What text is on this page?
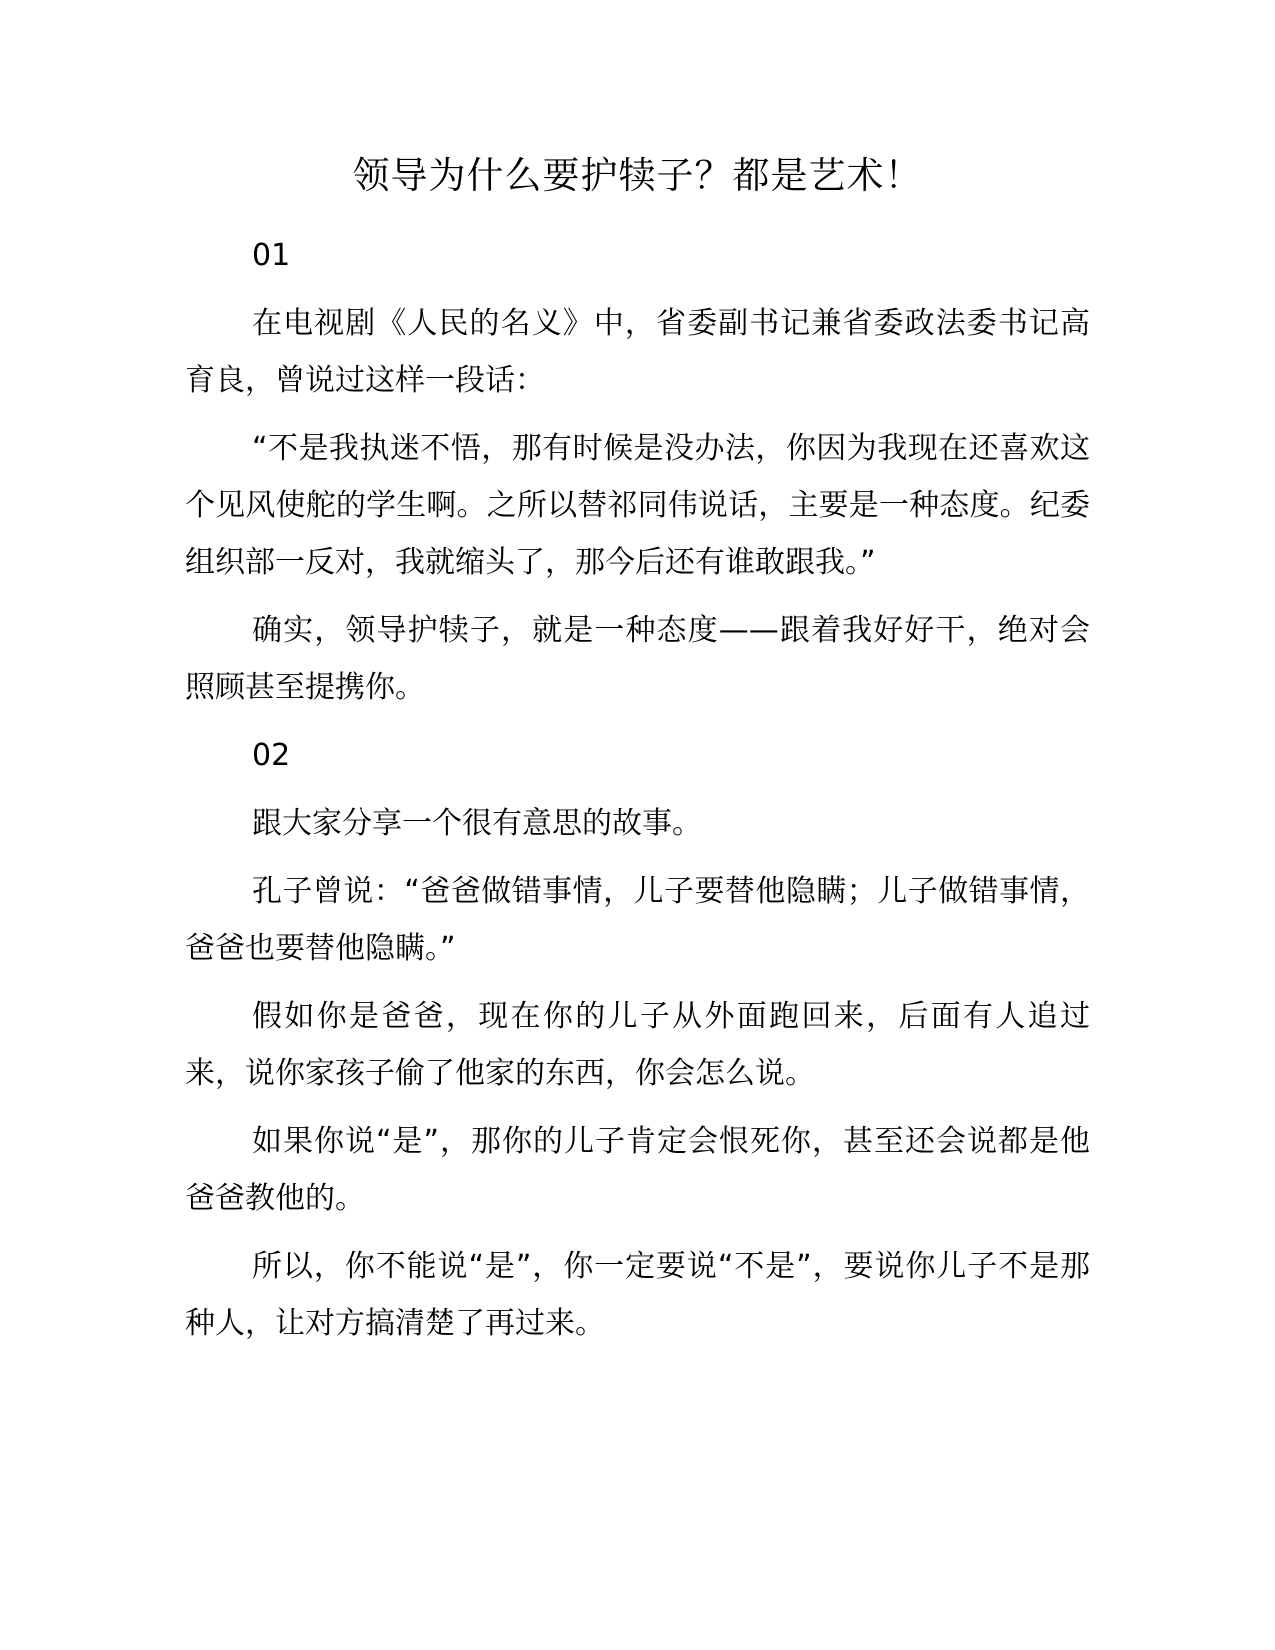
领导为什么要护犊子？都是艺术！

01

在电视剧《人民的名义》中，省委副书记兼省委政法委书记高育良，曾说过这样一段话：

“不是我执迷不悟，那有时候是没办法，你因为我现在还喜欢这个见风使舵的学生啊。之所以替祁同伟说话，主要是一种态度。纪委组织部一反对，我就缩头了，那今后还有谁敢跟我。”

确实，领导护犊子，就是一种态度——跟着我好好干，绝对会照顾甚至提携你。

02

跟大家分享一个很有意思的故事。

孔子曾说：“爸爸做错事情，儿子要替他隐瞒；儿子做错事情，爸爸也要替他隐瞒。”

假如你是爸爸，现在你的儿子从外面跑回来，后面有人追过来，说你家孩子偷了他家的东西，你会怎么说。

如果你说“是”，那你的儿子肯定会恨死你，甚至还会说都是他爸爸教他的。

所以，你不能说“是”，你一定要说“不是”，要说你儿子不是那种人，让对方搞清楚了再过来。
